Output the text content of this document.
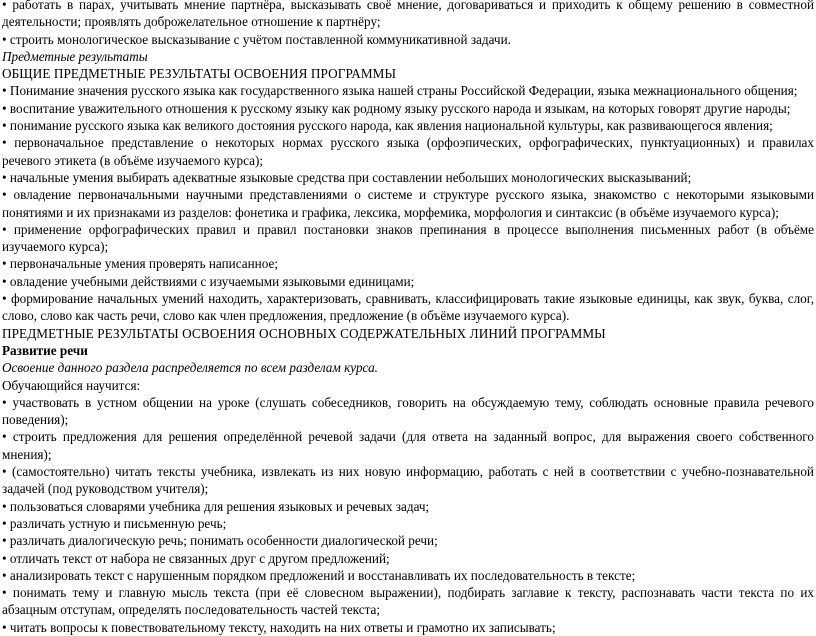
• работать в парах, учитывать мнение партнёра, высказывать своё мнение, договариваться и приходить к общему решению в совместной деятельности; проявлять доброжелательное отношение к партнёру;

• строить монологическое высказывание с учётом поставленной коммуникативной задачи.

Предметные результаты

ОБЩИЕ ПРЕДМЕТНЫЕ РЕЗУЛЬТАТЫ ОСВОЕНИЯ ПРОГРАММЫ

• Понимание значения русского языка как государственного языка нашей страны Российской Федерации, языка межнационального общения;

• воспитание уважительного отношения к русскому языку как родному языку русского народа и языкам, на которых говорят другие народы;

• понимание русского языка как великого достояния русского народа, как явления национальной культуры, как развивающегося явления;

• первоначальное представление о некоторых нормах русского языка (орфоэпических, орфографических, пунктуационных) и правилах речевого этикета (в объёме изучаемого курса);

• начальные умения выбирать адекватные языковые средства при составлении небольших монологических высказываний;

• овладение первоначальными научными представлениями о системе и структуре русского языка, знакомство с некоторыми языковыми понятиями и их признаками из разделов: фонетика и графика, лексика, морфемика, морфология и синтаксис (в объёме изучаемого курса);

• применение орфографических правил и правил постановки знаков препинания в процессе выполнения письменных работ (в объёме изучаемого курса);

• первоначальные умения проверять написанное;

• овладение учебными действиями с изучаемыми языковыми единицами;

• формирование начальных умений находить, характеризовать, сравнивать, классифицировать такие языковые единицы, как звук, буква, слог, слово, слово как часть речи, слово как член предложения, предложение (в объёме изучаемого курса).

ПРЕДМЕТНЫЕ РЕЗУЛЬТАТЫ ОСВОЕНИЯ ОСНОВНЫХ СОДЕРЖАТЕЛЬНЫХ ЛИНИЙ ПРОГРАММЫ

Развитие речи

Освоение данного раздела распределяется по всем разделам курса.

Обучающийся научится:

• участвовать в устном общении на уроке (слушать собеседников, говорить на обсуждаемую тему, соблюдать основные правила речевого поведения);

• строить предложения для решения определённой речевой задачи (для ответа на заданный вопрос, для выражения своего собственного мнения);

• (самостоятельно) читать тексты учебника, извлекать из них новую информацию, работать с ней в соответствии с учебно-познавательной задачей (под руководством учителя);

• пользоваться словарями учебника для решения языковых и речевых задач;

• различать устную и письменную речь;

• различать диалогическую речь; понимать особенности диалогической речи;

• отличать текст от набора не связанных друг с другом предложений;

• анализировать текст с нарушенным порядком предложений и восстанавливать их последовательность в тексте;

• понимать тему и главную мысль текста (при её словесном выражении), подбирать заглавие к тексту, распознавать части текста по их абзацным отступам, определять последовательность частей текста;

• читать вопросы к повествовательному тексту, находить на них ответы и грамотно их записывать;
